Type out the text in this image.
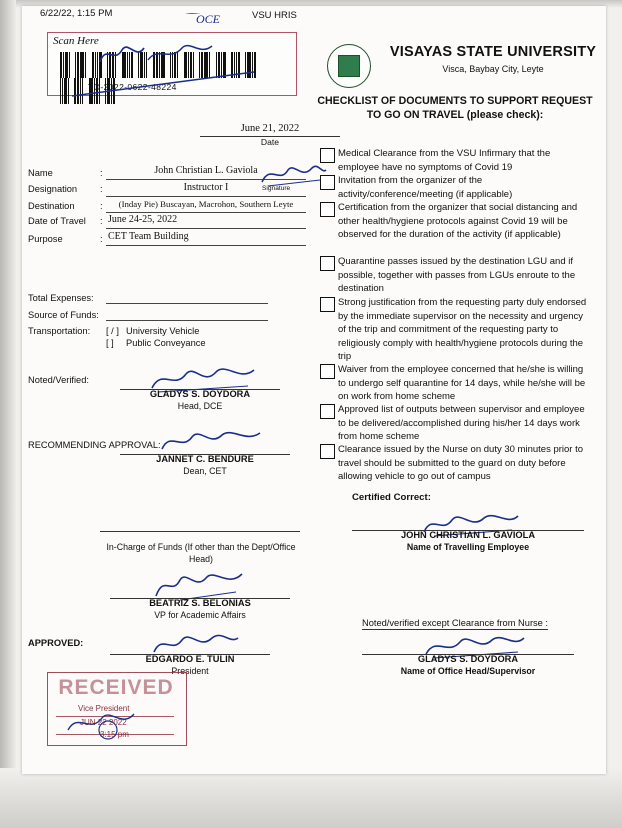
6/22/22, 1:15 PM	VSU HRIS
Scan Here

TO-2022-0622-48224
OCE
VISAYAS STATE UNIVERSITY
Visca, Baybay City, Leyte
CHECKLIST OF DOCUMENTS TO SUPPORT REQUEST
TO GO ON TRAVEL (please check):
June 21, 2022
Date
Name	:	John Christian L. Gaviola
Designation :	Instructor I
Destination	:	(Inday Pie) Buscayan, Macrohon, Southern Leyte
Date of Travel : June 24-25, 2022
Purpose	: CET Team Building
Signature
Total Expenses:
Source of Funds:
Transportation: [ / ] University Vehicle
[ ] Public Conveyance
Medical Clearance from the VSU Infirmary that the employee have no symptoms of Covid 19
Invitation from the organizer of the activity/conference/meeting (if applicable)
Certification from the organizer that social distancing and other health/hygiene protocols against Covid 19 will be observed for the duration of the activity (if applicable)
Quarantine passes issued by the destination LGU and if possible, together with passes from LGUs enroute to the destination
Strong justification from the requesting party duly endorsed by the immediate supervisor on the necessity and urgency of the trip and commitment of the requesting party to religiously comply with health/hygiene protocols during the trip
Waiver from the employee concerned that he/she is willing to undergo self quarantine for 14 days, while he/she will be on work from home scheme
Approved list of outputs between supervisor and employee to be delivered/accomplished during his/her 14 days work from home scheme
Clearance issued by the Nurse on duty 30 minutes prior to travel should be submitted to the guard on duty before allowing vehicle to go out of campus
Noted/Verified:
GLADYS S. DOYDORA
Head, DCE
RECOMMENDING APPROVAL:
JANNET C. BENDURE
Dean, CET
In-Charge of Funds (If other than the Dept/Office Head)
BEATRIZ S. BELONIAS
VP for Academic Affairs
APPROVED:
EDGARDO E. TULIN
President
Certified Correct:
JOHN CHRISTIAN L. GAVIOLA
Name of Travelling Employee
Noted/verified except Clearance from Nurse :
GLADYS S. DOYDORA
Name of Office Head/Supervisor
RECEIVED
Vice President
JUN 22 2022
3:15 pm
